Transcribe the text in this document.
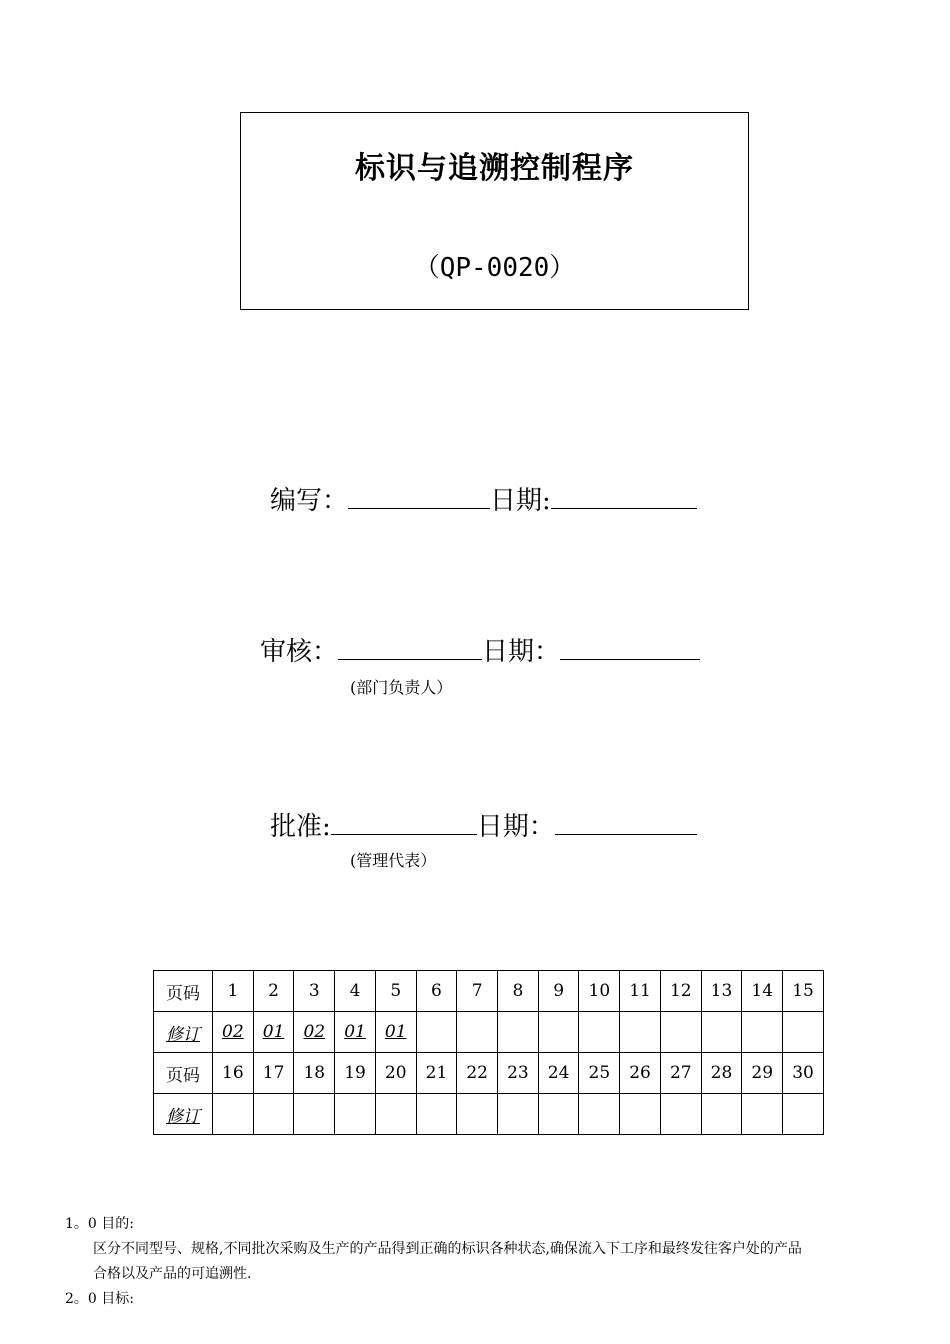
标识与追溯控制程序
（QP-0020）
编写：	日期:
审核：	日期：
(部门负责人）
批准:	日期：
(管理代表）
页码	1	2	3	4	5	6	7	8	9	10	11	12	13	14	15
修订	02	01	02	01	01										
页码	16	17	18	19	20	21	22	23	24	25	26	27	28	29	30
修订															
1。0 目的:
区分不同型号、规格,不同批次采购及生产的产品得到正确的标识各种状态,确保流入下工序和最终发往客户处的产品
合格以及产品的可追溯性.
2。0 目标:
